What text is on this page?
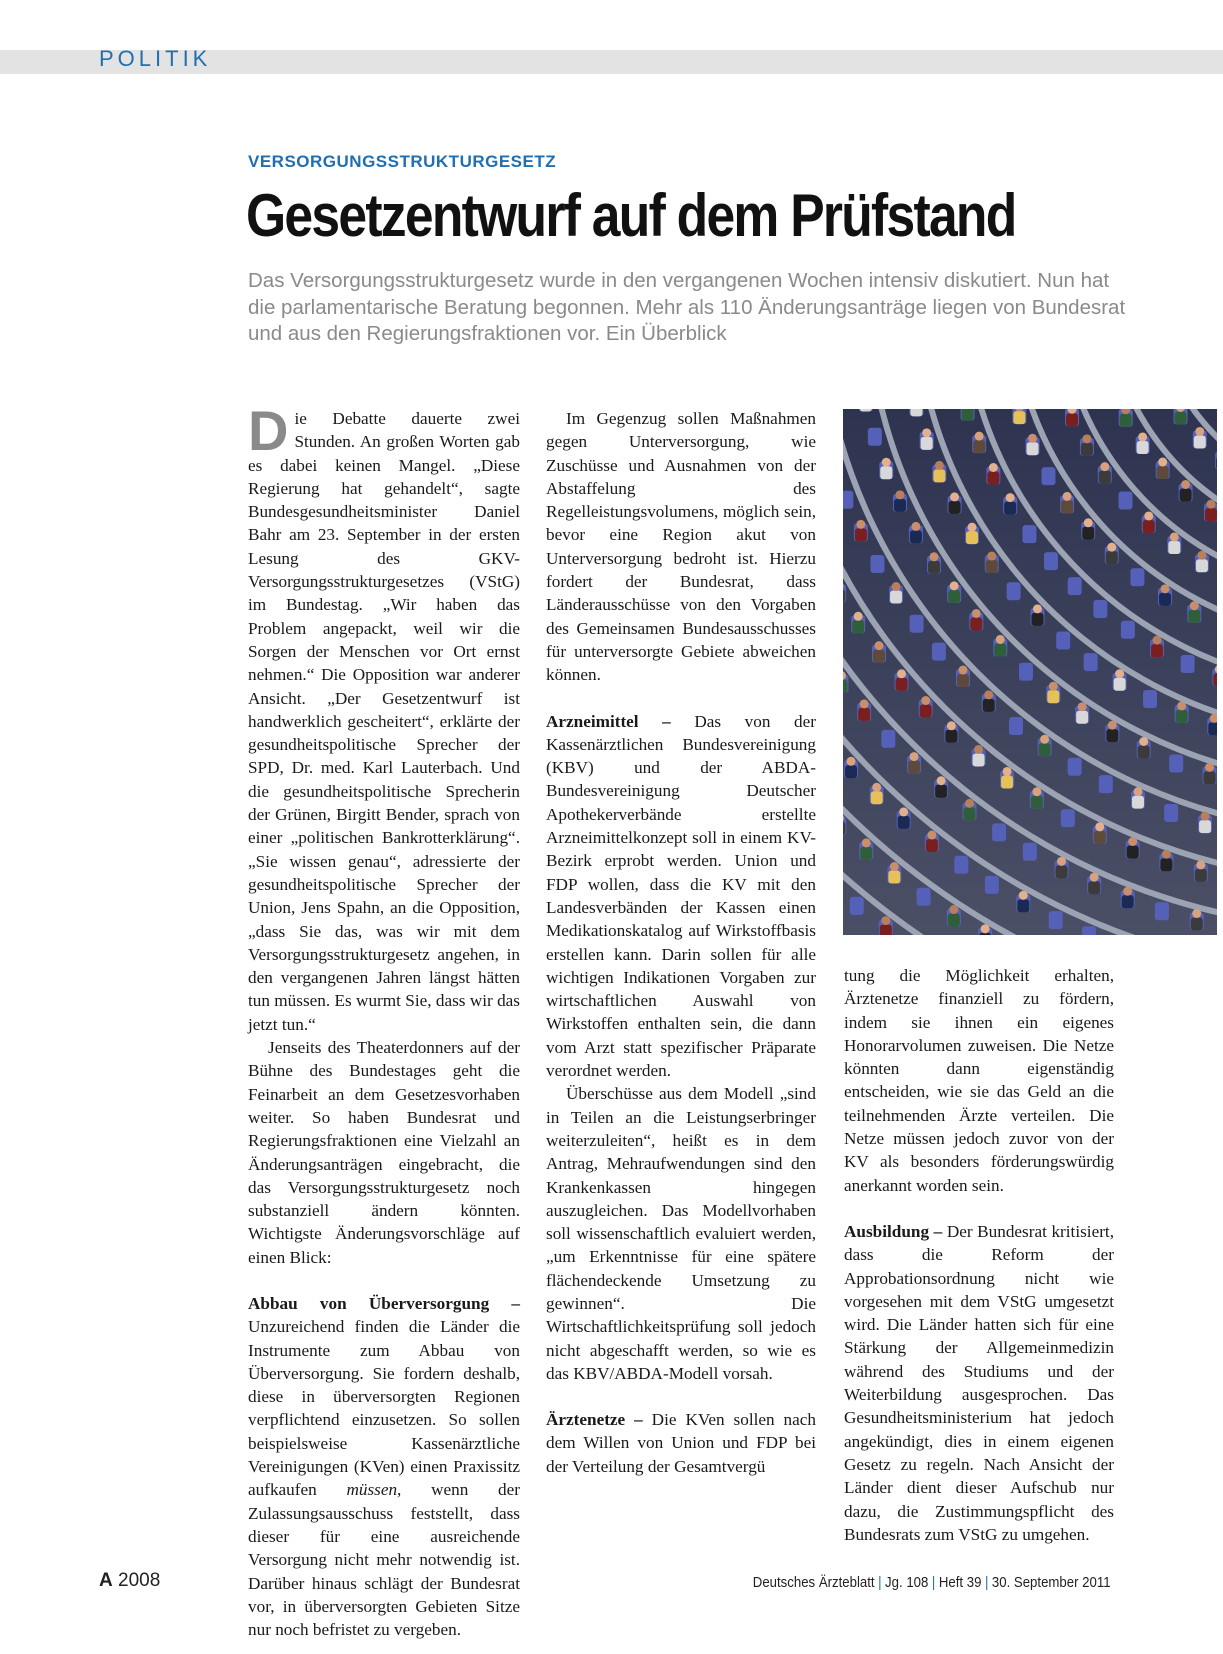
POLITIK
VERSORGUNGSSTRUKTURGESETZ
Gesetzentwurf auf dem Prüfstand
Das Versorgungsstrukturgesetz wurde in den vergangenen Wochen intensiv diskutiert. Nun hat die parlamentarische Beratung begonnen. Mehr als 110 Änderungsanträge liegen von Bundesrat und aus den Regierungsfraktionen vor. Ein Überblick

Die Debatte dauerte zwei Stunden. An großen Worten gab es dabei keinen Mangel. „Diese Regierung hat gehandelt“, sagte Bundesgesundheitsminister Daniel Bahr am 23. September in der ersten Lesung des GKV-Versorgungsstrukturgesetzes (VStG) im Bundestag. „Wir haben das Problem angepackt, weil wir die Sorgen der Menschen vor Ort ernst nehmen.“ Die Opposition war anderer Ansicht. „Der Gesetzentwurf ist handwerklich gescheitert“, erklärte der gesundheitspolitische Sprecher der SPD, Dr. med. Karl Lauterbach. Und die gesundheitspolitische Sprecherin der Grünen, Birgitt Bender, sprach von einer „politischen Bankrotterklärung“. „Sie wissen genau“, adressierte der gesundheitspolitische Sprecher der Union, Jens Spahn, an die Opposition, „dass Sie das, was wir mit dem Versorgungsstrukturgesetz angehen, in den vergangenen Jahren längst hätten tun müssen. Es wurmt Sie, dass wir das jetzt tun.“

Jenseits des Theaterdonners auf der Bühne des Bundestages geht die Feinarbeit an dem Gesetzesvorhaben weiter. So haben Bundesrat und Regierungsfraktionen eine Vielzahl an Änderungsanträgen eingebracht, die das Versorgungsstrukturgesetz noch substanziell ändern könnten. Wichtigste Änderungsvorschläge auf einen Blick:

Abbau von Überversorgung – Unzureichend finden die Länder die Instrumente zum Abbau von Überversorgung. Sie fordern deshalb, diese in überversorgten Regionen verpflichtend einzusetzen. So sollen beispielsweise Kassenärztliche Vereinigungen (KVen) einen Praxissitz aufkaufen müssen, wenn der Zulassungsausschuss feststellt, dass dieser für eine ausreichende Versorgung nicht mehr notwendig ist. Darüber hinaus schlägt der Bundesrat vor, in überversorgten Gebieten Sitze nur noch befristet zu vergeben.

Im Gegenzug sollen Maßnahmen gegen Unterversorgung, wie Zuschüsse und Ausnahmen von der Abstaffelung des Regelleistungsvolumens, möglich sein, bevor eine Region akut von Unterversorgung bedroht ist. Hierzu fordert der Bundesrat, dass Länderausschüsse von den Vorgaben des Gemeinsamen Bundesausschusses für unterversorgte Gebiete abweichen können.

Arzneimittel – Das von der Kassenärztlichen Bundesvereinigung (KBV) und der ABDA-Bundesvereinigung Deutscher Apothekerverbände erstellte Arzneimittelkonzept soll in einem KV-Bezirk erprobt werden. Union und FDP wollen, dass die KV mit den Landesverbänden der Kassen einen Medikationskatalog auf Wirkstoffbasis erstellen kann. Darin sollen für alle wichtigen Indikationen Vorgaben zur wirtschaftlichen Auswahl von Wirkstoffen enthalten sein, die dann vom Arzt statt spezifischer Präparate verordnet werden.

Überschüsse aus dem Modell „sind in Teilen an die Leistungserbringer weiterzuleiten“, heißt es in dem Antrag, Mehraufwendungen sind den Krankenkassen hingegen auszugleichen. Das Modellvorhaben soll wissenschaftlich evaluiert werden, „um Erkenntnisse für eine spätere flächendeckende Umsetzung zu gewinnen“. Die Wirtschaftlichkeitsprüfung soll jedoch nicht abgeschafft werden, so wie es das KBV/ABDA-Modell vorsah.

Ärztenetze – Die KVen sollen nach dem Willen von Union und FDP bei der Verteilung der Gesamtvergü

tung die Möglichkeit erhalten, Ärztenetze finanziell zu fördern, indem sie ihnen ein eigenes Honorarvolumen zuweisen. Die Netze könnten dann eigenständig entscheiden, wie sie das Geld an die teilnehmenden Ärzte verteilen. Die Netze müssen jedoch zuvor von der KV als besonders förderungswürdig anerkannt worden sein.

Ausbildung – Der Bundesrat kritisiert, dass die Reform der Approbationsordnung nicht wie vorgesehen mit dem VStG umgesetzt wird. Die Länder hatten sich für eine Stärkung der Allgemeinmedizin während des Studiums und der Weiterbildung ausgesprochen. Das Gesundheitsministerium hat jedoch angekündigt, dies in einem eigenen Gesetz zu regeln. Nach Ansicht der Länder dient dieser Aufschub nur dazu, die Zustimmungspflicht des Bundesrats zum VStG zu umgehen.

A 2008	Deutsches Ärzteblatt | Jg. 108 | Heft 39 | 30. September 2011
